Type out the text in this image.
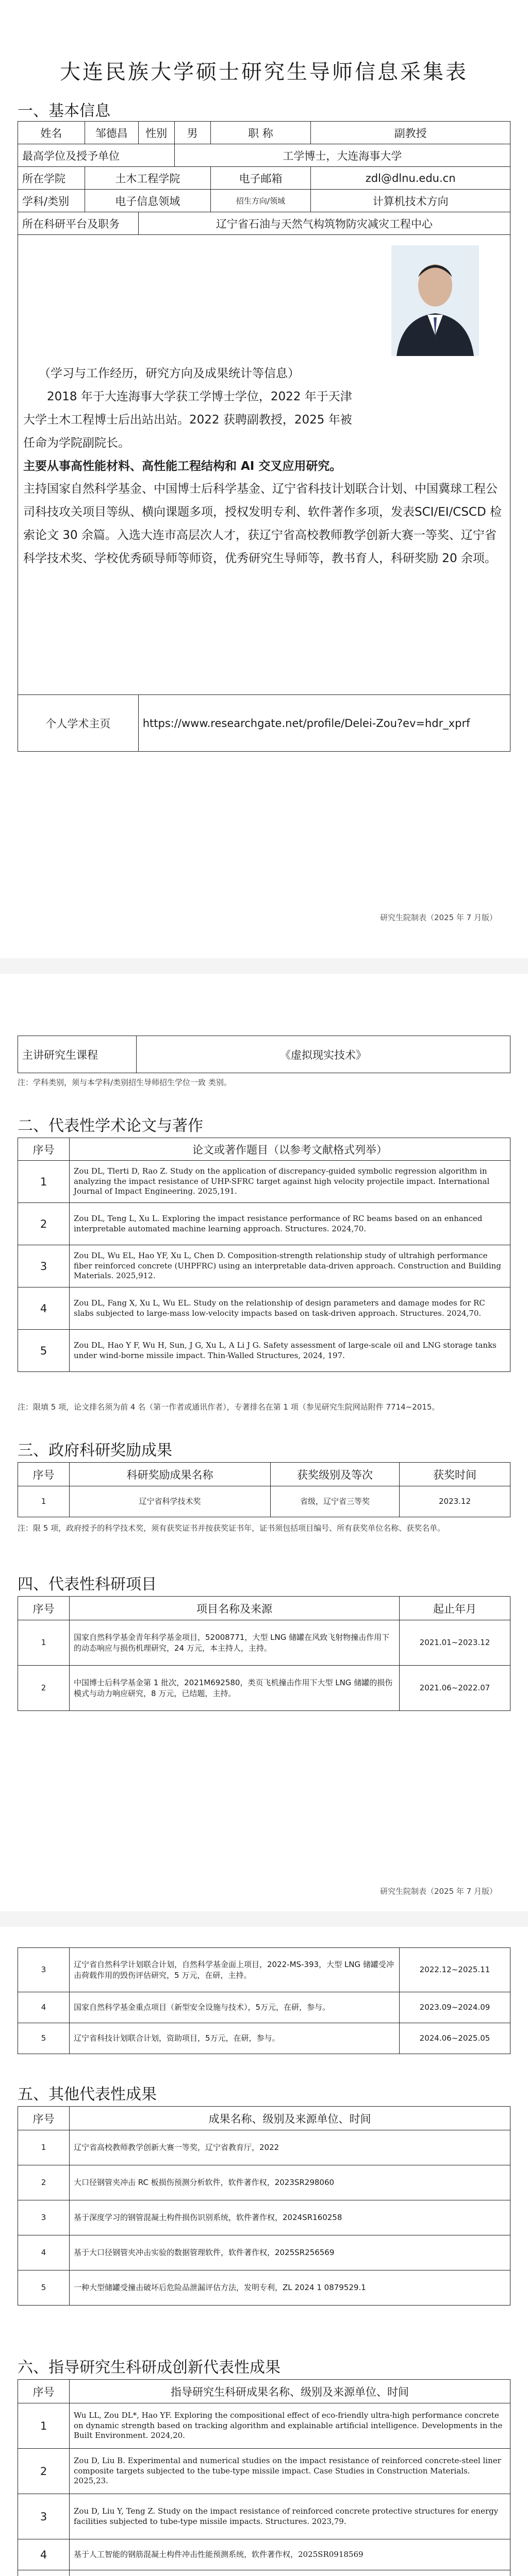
大连民族大学硕士研究生导师信息采集表
一、基本信息
姓名	邹德昌	性别	男	职 称	副教授
最高学位及授予单位			工学博士，大连海事大学		
所在学院	土木工程学院			电子邮箱	zdl@dlnu.edu.cn
学科/类别	电子信息领域			招生方向/领域	计算机技术方向
所在科研平台及职务		辽宁省石油与天然气构筑物防灾减灾工程中心			

（学习与工作经历，研究方向及成果统计等信息）

2018 年于大连海事大学获工学博士学位，2022 年于天津大学土木工程博士后出站出站。2022 获聘副教授，2025 年被任命为学院副院长。

主要从事高性能材料、高性能工程结构和 AI 交叉应用研究。

主持国家自然科学基金、中国博士后科学基金、辽宁省科技计划联合计划、中国冀球工程公司科技攻关项目等纵、横向课题多项，授权发明专利、软件著作多项，发表SCI/EI/CSCD 检索论文 30 余篇。入选大连市高层次人才，获辽宁省高校教师教学创新大赛一等奖、辽宁省科学技术奖、学校优秀硕导师等师资，优秀研究生导师等，教书育人，科研奖励 20 余项。					

个人学术主页		https://www.researchgate.net/profile/Delei-Zou?ev=hdr_xprf			
研究生院制表（2025 年 7 月版）
主讲研究生课程	《虚拟现实技术》
注：学科类别，须与本学科/类别招生导师招生学位一致 类别。
二、代表性学术论文与著作
序号	论文或著作题目（以参考文献格式列举）
1	Zou DL, Tlerti D, Rao Z. Study on the application of discrepancy-guided symbolic regression algorithm in analyzing the impact resistance of UHP-SFRC target against high velocity projectile impact. International Journal of Impact Engineering. 2025,191.
2	Zou DL, Teng L, Xu L. Exploring the impact resistance performance of RC beams based on an enhanced interpretable automated machine learning approach. Structures. 2024,70.
3	Zou DL, Wu EL, Hao YF, Xu L, Chen D. Composition-strength relationship study of ultrahigh performance fiber reinforced concrete (UHPFRC) using an interpretable data-driven approach. Construction and Building Materials. 2025,912.
4	Zou DL, Fang X, Xu L, Wu EL. Study on the relationship of design parameters and damage modes for RC slabs subjected to large-mass low-velocity impacts based on task-driven approach. Structures. 2024,70.
5	Zou DL, Hao Y F, Wu H, Sun, J G, Xu L, A Li J G. Safety assessment of large-scale oil and LNG storage tanks under wind-borne missile impact. Thin-Walled Structures, 2024, 197.
注：限填 5 项，论文排名须为前 4 名（第一作者或通讯作者），专著排名在第 1 项（参见研究生院网站附件 7714~2015。
三、政府科研奖励成果
序号	科研奖励成果名称	获奖级别及等次	获奖时间
1	辽宁省科学技术奖	省级，辽宁省三等奖	2023.12
注：限 5 项，政府授予的科学技术奖，须有获奖证书并按获奖证书年，证书须包括项目编号、所有获奖单位名称、获奖名单。
四、代表性科研项目
序号	项目名称及来源	起止年月
1	国家自然科学基金青年科学基金项目，52008771，大型 LNG 储罐在风致飞射物撞击作用下的动态响应与损伤机理研究，24 万元，本主持人，主持。	2021.01~2023.12
2	中国博士后科学基金第 1 批次，2021M692580，类页飞机撞击作用下大型 LNG 储罐的损伤模式与动力响应研究，8 万元，已结题，主持。	2021.06~2022.07
研究生院制表（2025 年 7 月版）
3	辽宁省自然科学计划联合计划，自然科学基金面上项目，2022-MS-393，大型 LNG 储罐受冲击荷载作用的毁伤评估研究，5 万元，在研，主持。	2022.12~2025.11
4	国家自然科学基金重点项目（新型安全设施与技术），5万元，在研，参与。	2023.09~2024.09
5	辽宁省科技计划联合计划，资助项目，5万元，在研，参与。	2024.06~2025.05
五、其他代表性成果
序号	成果名称、级别及来源单位、时间
1	辽宁省高校教师教学创新大赛一等奖，辽宁省教育厅，2022
2	大口径钢管夹冲击 RC 板损伤预测分析软件，软件著作权，2023SR298060
3	基于深度学习的钢管混凝土构件损伤识别系统，软件著作权，2024SR160258
4	基于大口径钢管夹冲击实验的数据管理软件，软件著作权，2025SR256569
5	一种大型储罐受撞击破坏后危险品泄漏评估方法，发明专利，ZL 2024 1 0879529.1
六、指导研究生科研成创新代表性成果
序号	指导研究生科研成果名称、级别及来源单位、时间
1	Wu LL, Zou DL*, Hao YF. Exploring the compositional effect of eco-friendly ultra-high performance concrete on dynamic strength based on tracking algorithm and explainable artificial intelligence. Developments in the Built Environment. 2024,20.
2	Zou D, Liu B. Experimental and numerical studies on the impact resistance of reinforced concrete-steel liner composite targets subjected to the tube-type missile impact. Case Studies in Construction Materials. 2025,23.
3	Zou D, Liu Y, Teng Z. Study on the impact resistance of reinforced concrete protective structures for energy facilities subjected to tube-type missile impacts. Structures. 2023,79.
4	基于人工智能的钢筋混凝土构件冲击性能预测系统，软件著作权，2025SR0918569
